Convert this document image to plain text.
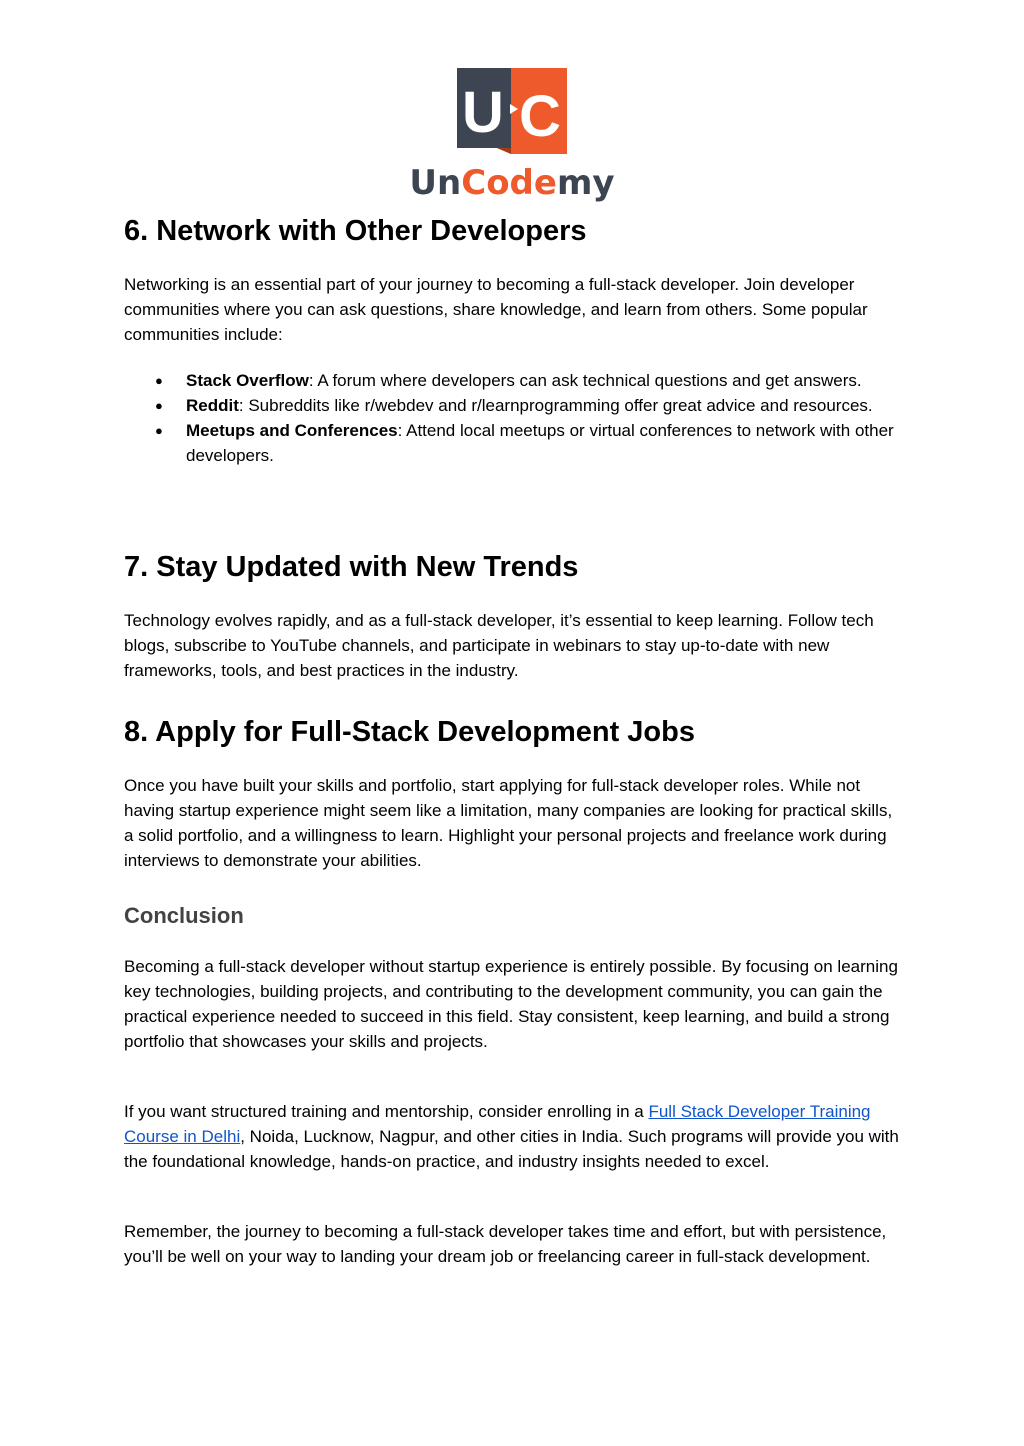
U C
UnCodemy
6. Network with Other Developers

Networking is an essential part of your journey to becoming a full-stack developer. Join developer communities where you can ask questions, share knowledge, and learn from others. Some popular communities include:

● Stack Overflow: A forum where developers can ask technical questions and get answers.
● Reddit: Subreddits like r/webdev and r/learnprogramming offer great advice and resources.
● Meetups and Conferences: Attend local meetups or virtual conferences to network with other developers.
7. Stay Updated with New Trends

Technology evolves rapidly, and as a full-stack developer, it’s essential to keep learning. Follow tech blogs, subscribe to YouTube channels, and participate in webinars to stay up-to-date with new frameworks, tools, and best practices in the industry.

8. Apply for Full-Stack Development Jobs

Once you have built your skills and portfolio, start applying for full-stack developer roles. While not having startup experience might seem like a limitation, many companies are looking for practical skills, a solid portfolio, and a willingness to learn. Highlight your personal projects and freelance work during interviews to demonstrate your abilities.

Conclusion

Becoming a full-stack developer without startup experience is entirely possible. By focusing on learning key technologies, building projects, and contributing to the development community, you can gain the practical experience needed to succeed in this field. Stay consistent, keep learning, and build a strong portfolio that showcases your skills and projects.

If you want structured training and mentorship, consider enrolling in a Full Stack Developer Training Course in Delhi, Noida, Lucknow, Nagpur, and other cities in India. Such programs will provide you with the foundational knowledge, hands-on practice, and industry insights needed to excel.

Remember, the journey to becoming a full-stack developer takes time and effort, but with persistence, you’ll be well on your way to landing your dream job or freelancing career in full-stack development.
